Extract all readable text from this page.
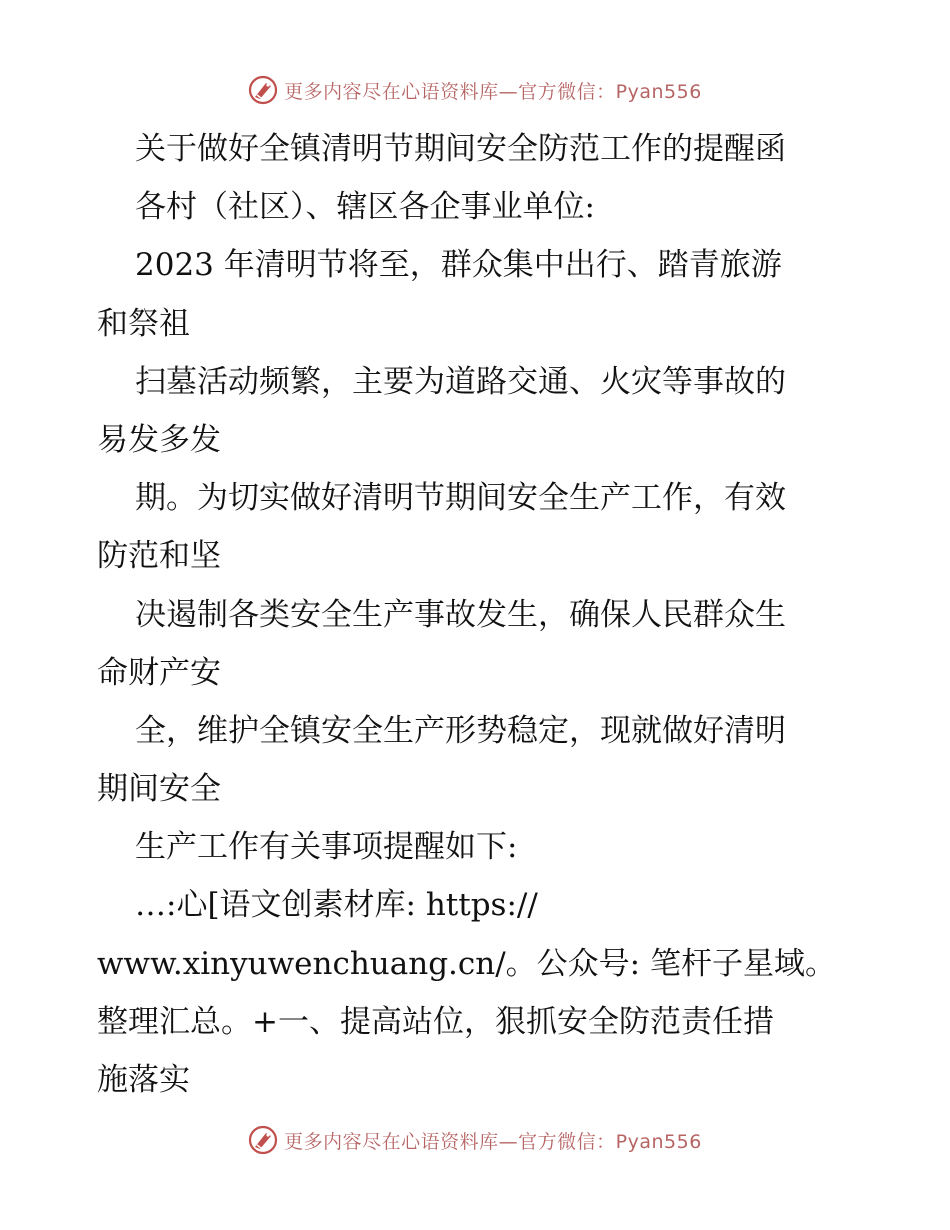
更多内容尽在心语资料库—官方微信：Pyan556
关于做好全镇清明节期间安全防范工作的提醒函
各村（社区）、辖区各企事业单位:
2023 年清明节将至，群众集中出行、踏青旅游
和祭祖
扫墓活动频繁，主要为道路交通、火灾等事故的
易发多发
期。为切实做好清明节期间安全生产工作，有效
防范和坚
决遏制各类安全生产事故发生，确保人民群众生
命财产安
全，维护全镇安全生产形势稳定，现就做好清明
期间安全
生产工作有关事项提醒如下:
…:心[语文创素材库: https://
www.xinyuwenchuang.cn/。公众号: 笔杆子星域。
整理汇总。+一、提高站位，狠抓安全防范责任措
施落实
更多内容尽在心语资料库—官方微信：Pyan556
